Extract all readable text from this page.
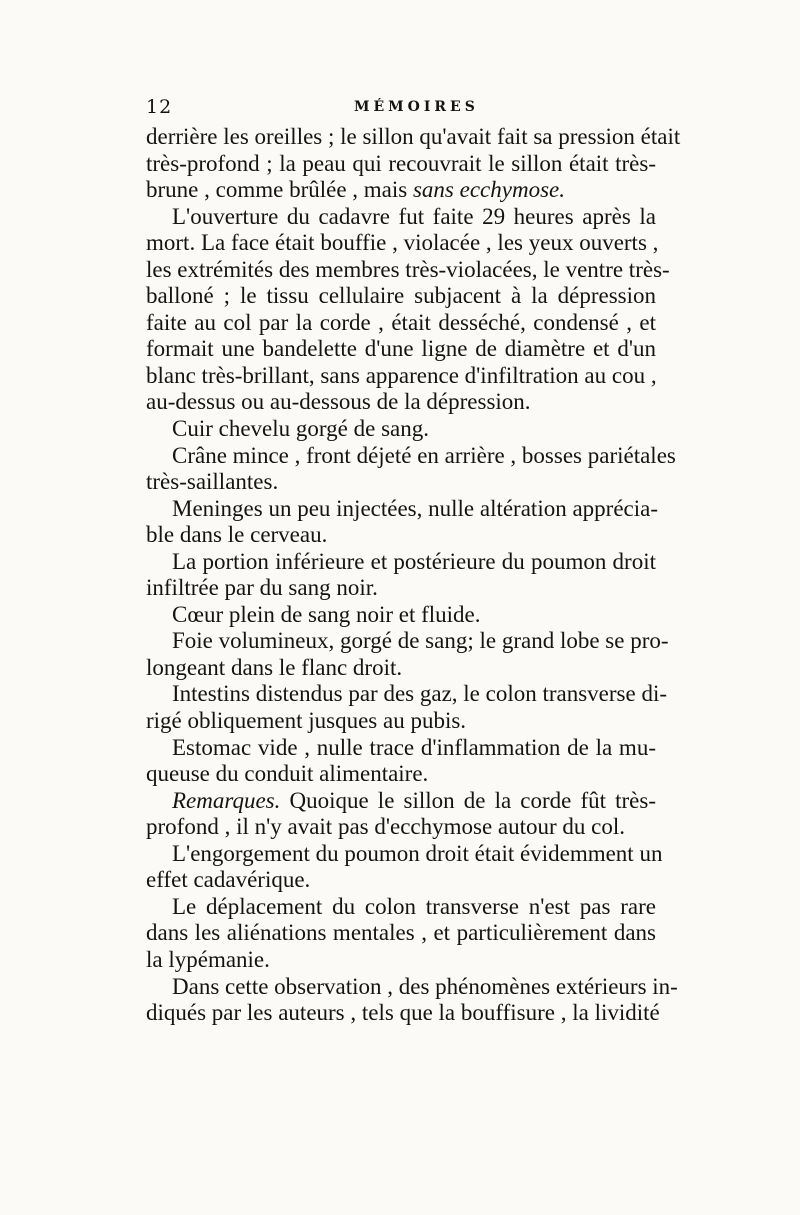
12	MÉMOIRES
derrière les oreilles ; le sillon qu'avait fait sa pression était
très-profond ; la peau qui recouvrait le sillon était très-
brune , comme brûlée , mais sans ecchymose.
L'ouverture du cadavre fut faite 29 heures après la
mort. La face était bouffie , violacée , les yeux ouverts ,
les extrémités des membres très-violacées, le ventre très-
balloné ; le tissu cellulaire subjacent à la dépression
faite au col par la corde , était desséché, condensé , et
formait une bandelette d'une ligne de diamètre et d'un
blanc très-brillant, sans apparence d'infiltration au cou ,
au-dessus ou au-dessous de la dépression.
Cuir chevelu gorgé de sang.
Crâne mince , front déjeté en arrière , bosses pariétales
très-saillantes.
Meninges un peu injectées, nulle altération apprécia-
ble dans le cerveau.
La portion inférieure et postérieure du poumon droit
infiltrée par du sang noir.
Cœur plein de sang noir et fluide.
Foie volumineux, gorgé de sang; le grand lobe se pro-
longeant dans le flanc droit.
Intestins distendus par des gaz, le colon transverse di-
rigé obliquement jusques au pubis.
Estomac vide , nulle trace d'inflammation de la mu-
queuse du conduit alimentaire.
Remarques. Quoique le sillon de la corde fût très-
profond , il n'y avait pas d'ecchymose autour du col.
L'engorgement du poumon droit était évidemment un
effet cadavérique.
Le déplacement du colon transverse n'est pas rare
dans les aliénations mentales , et particulièrement dans
la lypémanie.
Dans cette observation , des phénomènes extérieurs in-
diqués par les auteurs , tels que la bouffisure , la lividité
